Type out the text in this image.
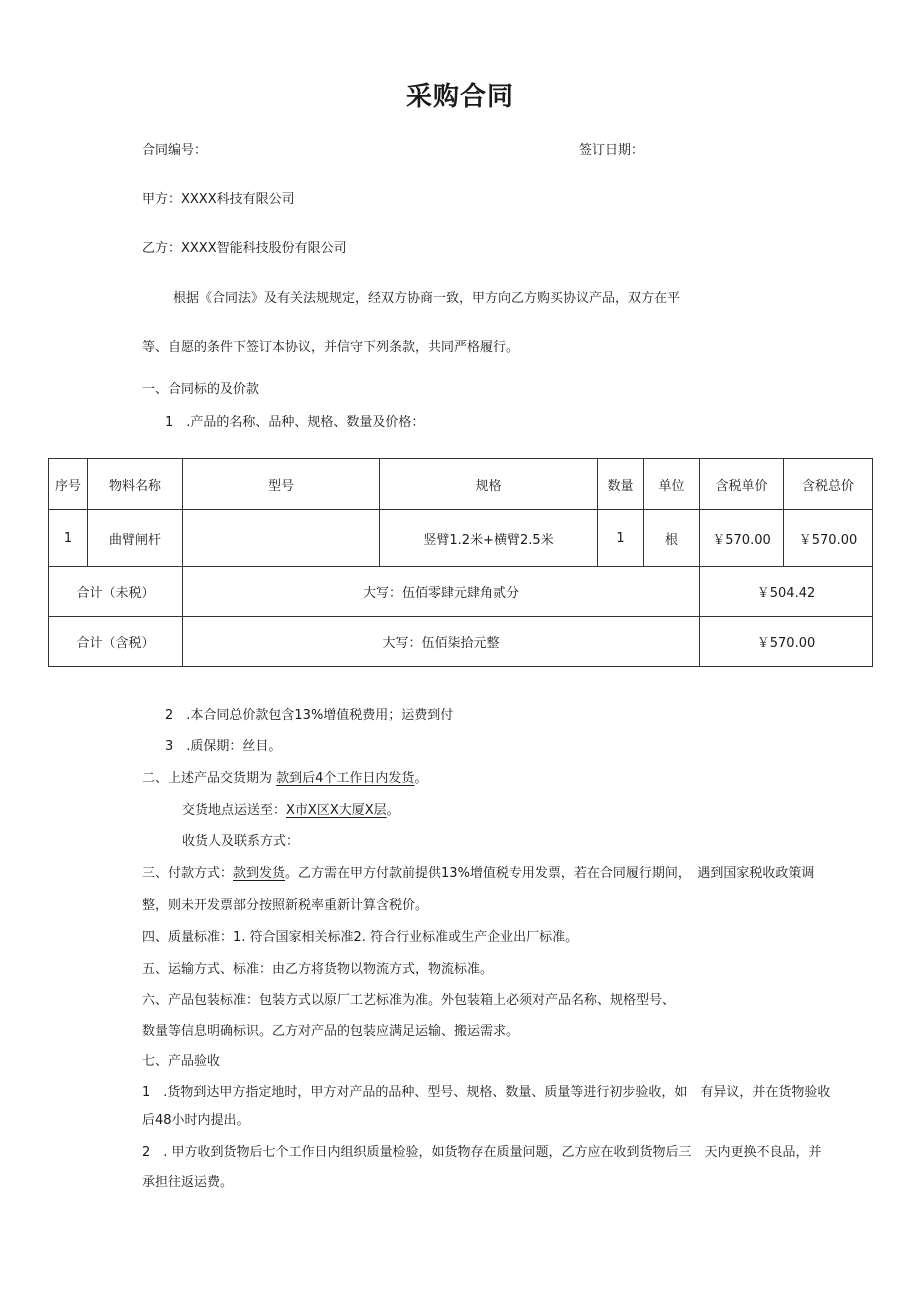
采购合同
合同编号：	签订日期：
甲方：XXXX科技有限公司
乙方：XXXX智能科技股份有限公司
根据《合同法》及有关法规规定，经双方协商一致，甲方向乙方购买协议产品，双方在平
等、自愿的条件下签订本协议，并信守下列条款，共同严格履行。
一、合同标的及价款
1　.产品的名称、品种、规格、数量及价格：
序号	物料名称	型号	规格	数量	单位	含税单价	含税总价
1	曲臂闸杆		竖臂1.2米+横臂2.5米	1	根	￥570.00	￥570.00
合计（未税）		大写：伍佰零肆元肆角贰分				￥504.42	
合计（含税）		大写：伍佰柒拾元整				￥570.00	
2　.本合同总价款包含13%增值税费用；运费到付
3　.质保期：丝目。
二、上述产品交货期为 款到后4个工作日内发货。
交货地点运送至：X市X区X大厦X层。
收货人及联系方式：
三、付款方式：款到发货。乙方需在甲方付款前提供13%增值税专用发票，若在合同履行期间，　遇到国家税收政策调
整，则未开发票部分按照新税率重新计算含税价。
四、质量标准：1. 符合国家相关标准2. 符合行业标准或生产企业出厂标准。
五、运输方式、标准：由乙方将货物以物流方式，物流标准。
六、产品包装标准：包装方式以原厂工艺标准为准。外包装箱上必须对产品名称、规格型号、
数量等信息明确标识。乙方对产品的包装应满足运输、搬运需求。
七、产品验收
1　.货物到达甲方指定地时，甲方对产品的品种、型号、规格、数量、质量等进行初步验收，如　有异议，并在货物验收
后48小时内提出。
2　. 甲方收到货物后七个工作日内组织质量检验，如货物存在质量问题，乙方应在收到货物后三　天内更换不良品，并
承担往返运费。
